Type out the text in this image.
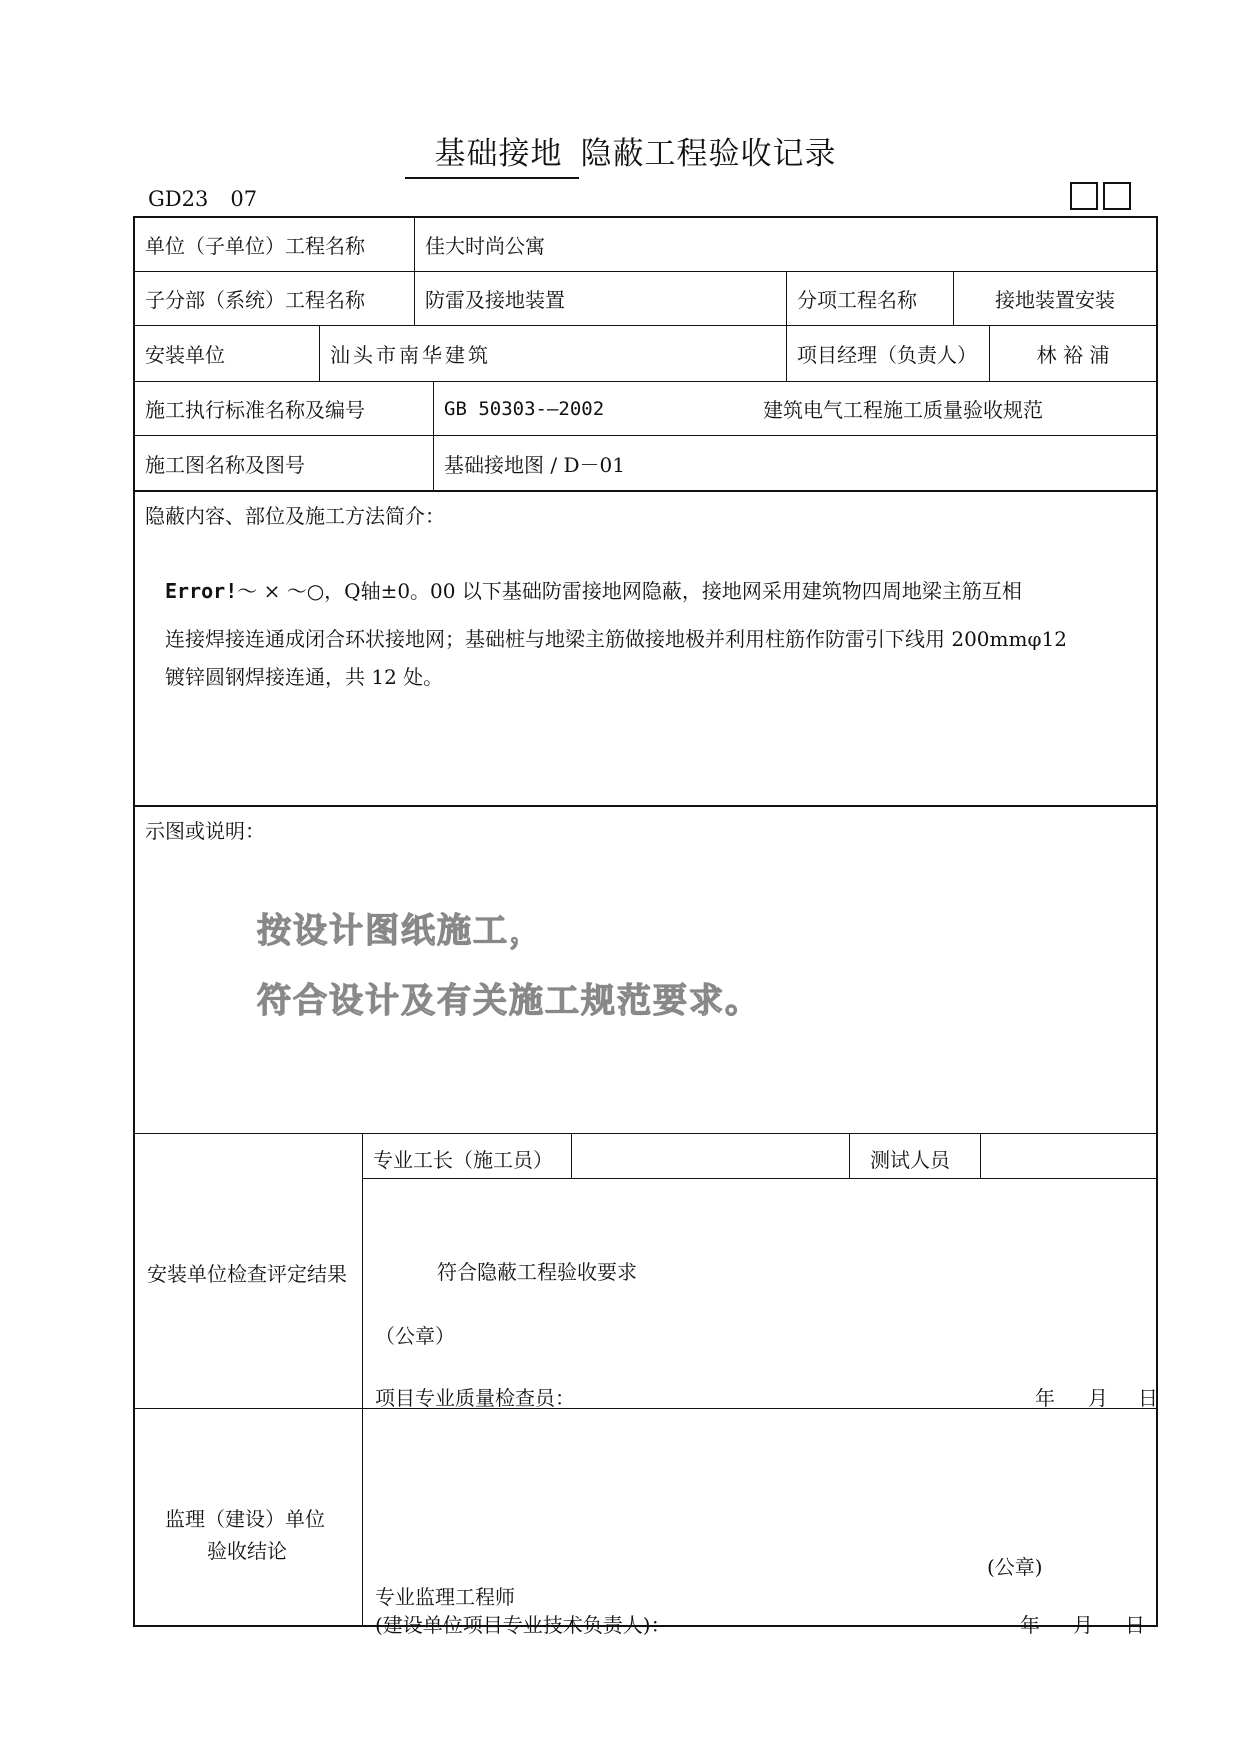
基础接地 隐蔽工程验收记录
GD23 07
单位（子单位）工程名称	佳大时尚公寓
子分部（系统）工程名称	防雷及接地装置	分项工程名称	接地装置安装
安装单位	汕头市南华建筑	项目经理（负责人）	林 裕 浦
施工执行标准名称及编号	GB 50303-—2002	建筑电气工程施工质量验收规范
施工图名称及图号	基础接地图 / D－01
隐蔽内容、部位及施工方法简介：
Error!～ × ～○，Q轴±0。00 以下基础防雷接地网隐蔽，接地网采用建筑物四周地梁主筋互相
连接焊接连通成闭合环状接地网；基础桩与地梁主筋做接地极并利用柱筋作防雷引下线用 200mmφ12
镀锌圆钢焊接连通，共 12 处。
示图或说明：
按设计图纸施工，
符合设计及有关施工规范要求。
安装单位检查评定结果
专业工长（施工员）	测试人员
符合隐蔽工程验收要求
（公章）
项目专业质量检查员：	年 月 日
监理（建设）单位
验收结论
(公章)
专业监理工程师
(建设单位项目专业技术负责人)：	年 月 日
